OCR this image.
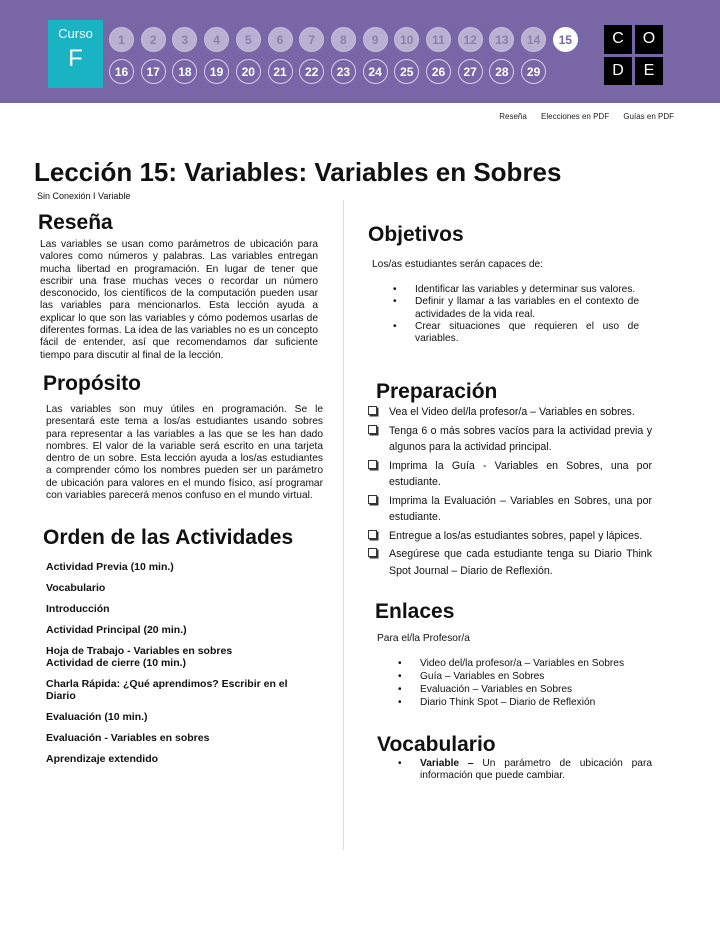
Curso
F
1	2	3	4	5	6	7	8	9	10	11	12	13	14	15
16	17	18	19	20	21	22	23	24	25	26	27	28	29
C	O
D	E
Reseña Elecciones en PDF Guías en PDF
Lección 15: Variables: Variables en Sobres
Sin Conexión I Variable
Reseña
Las variables se usan como parámetros de ubicación para valores como números y palabras. Las variables entregan mucha libertad en programación. En lugar de tener que escribir una frase muchas veces o recordar un número desconocido, los científicos de la computación pueden usar las variables para mencionarlos. Esta lección ayuda a explicar lo que son las variables y cómo podemos usarlas de diferentes formas. La idea de las variables no es un concepto fácil de entender, así que recomendamos dar suficiente tiempo para discutir al final de la lección.
Propósito
Las variables son muy útiles en programación. Se le presentará este tema a los/as estudiantes usando sobres para representar a las variables a las que se les han dado nombres. El valor de la variable será escrito en una tarjeta dentro de un sobre. Esta lección ayuda a los/as estudiantes a comprender cómo los nombres pueden ser un parámetro de ubicación para valores en el mundo físico, así programar con variables parecerá menos confuso en el mundo virtual.
Orden de las Actividades
Actividad Previa (10 min.)
Vocabulario
Introducción
Actividad Principal (20 min.)
Hoja de Trabajo - Variables en sobres
Actividad de cierre (10 min.)
Charla Rápida: ¿Qué aprendimos? Escribir en el Diario
Evaluación (10 min.)
Evaluación - Variables en sobres
Aprendizaje extendido
Objetivos
Los/as estudiantes serán capaces de:
• Identificar las variables y determinar sus valores.
• Definir y llamar a las variables en el contexto de actividades de la vida real.
• Crear situaciones que requieren el uso de variables.
Preparación
Vea el Video del/la profesor/a – Variables en sobres.
Tenga 6 o más sobres vacíos para la actividad previa y algunos para la actividad principal.
Imprima la Guía - Variables en Sobres, una por estudiante.
Imprima la Evaluación – Variables en Sobres, una por estudiante.
Entregue a los/as estudiantes sobres, papel y lápices.
Asegúrese que cada estudiante tenga su Diario Think Spot Journal – Diario de Reflexión.
Enlaces
Para el/la Profesor/a
• Video del/la profesor/a – Variables en Sobres
• Guía – Variables en Sobres
• Evaluación – Variables en Sobres
• Diario Think Spot – Diario de Reflexión
Vocabulario
• Variable – Un parámetro de ubicación para información que puede cambiar.
